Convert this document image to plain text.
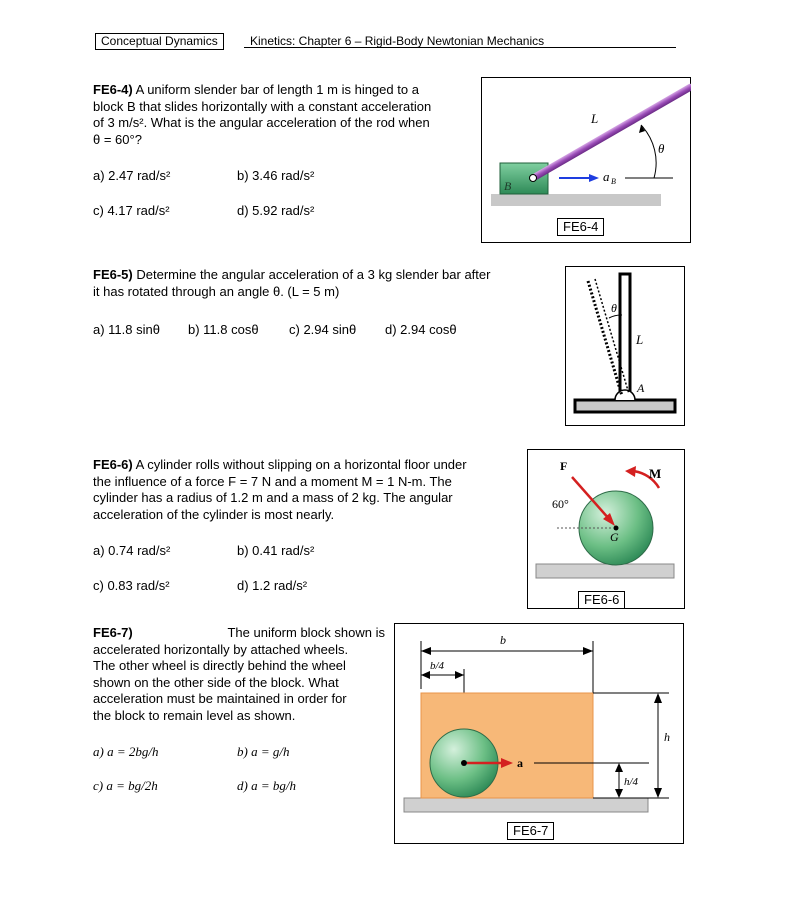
Conceptual Dynamics	Kinetics: Chapter 6 – Rigid-Body Newtonian Mechanics
FE6-4) A uniform slender bar of length 1 m is hinged to a
block B that slides horizontally with a constant acceleration
of 3 m/s². What is the angular acceleration of the rod when
θ = 60°?
a) 2.47 rad/s²	b) 3.46 rad/s²
c) 4.17 rad/s²	d) 5.92 rad/s²
B
a B
θ
L
FE6-4
FE6-5) Determine the angular acceleration of a 3 kg slender bar after
it has rotated through an angle θ. (L = 5 m)
a) 11.8 sinθ b) 11.8 cosθ c) 2.94 sinθ d) 2.94 cosθ
θ
L
A
FE6-6) A cylinder rolls without slipping on a horizontal floor under
the influence of a force F = 7 N and a moment M = 1 N-m. The
cylinder has a radius of 1.2 m and a mass of 2 kg. The angular
acceleration of the cylinder is most nearly.
a) 0.74 rad/s²	b) 0.41 rad/s²
c) 0.83 rad/s²	d) 1.2 rad/s²
G
F
60°
M
FE6-6
FE6-7)	The uniform block shown is
accelerated horizontally by attached wheels.
The other wheel is directly behind the wheel
shown on the other side of the block. What
acceleration must be maintained in order for
the block to remain level as shown.
a) a = 2bg/h	b) a = g/h
c) a = bg/2h	d) a = bg/h
b
b/4
a
h
h/4
FE6-7
